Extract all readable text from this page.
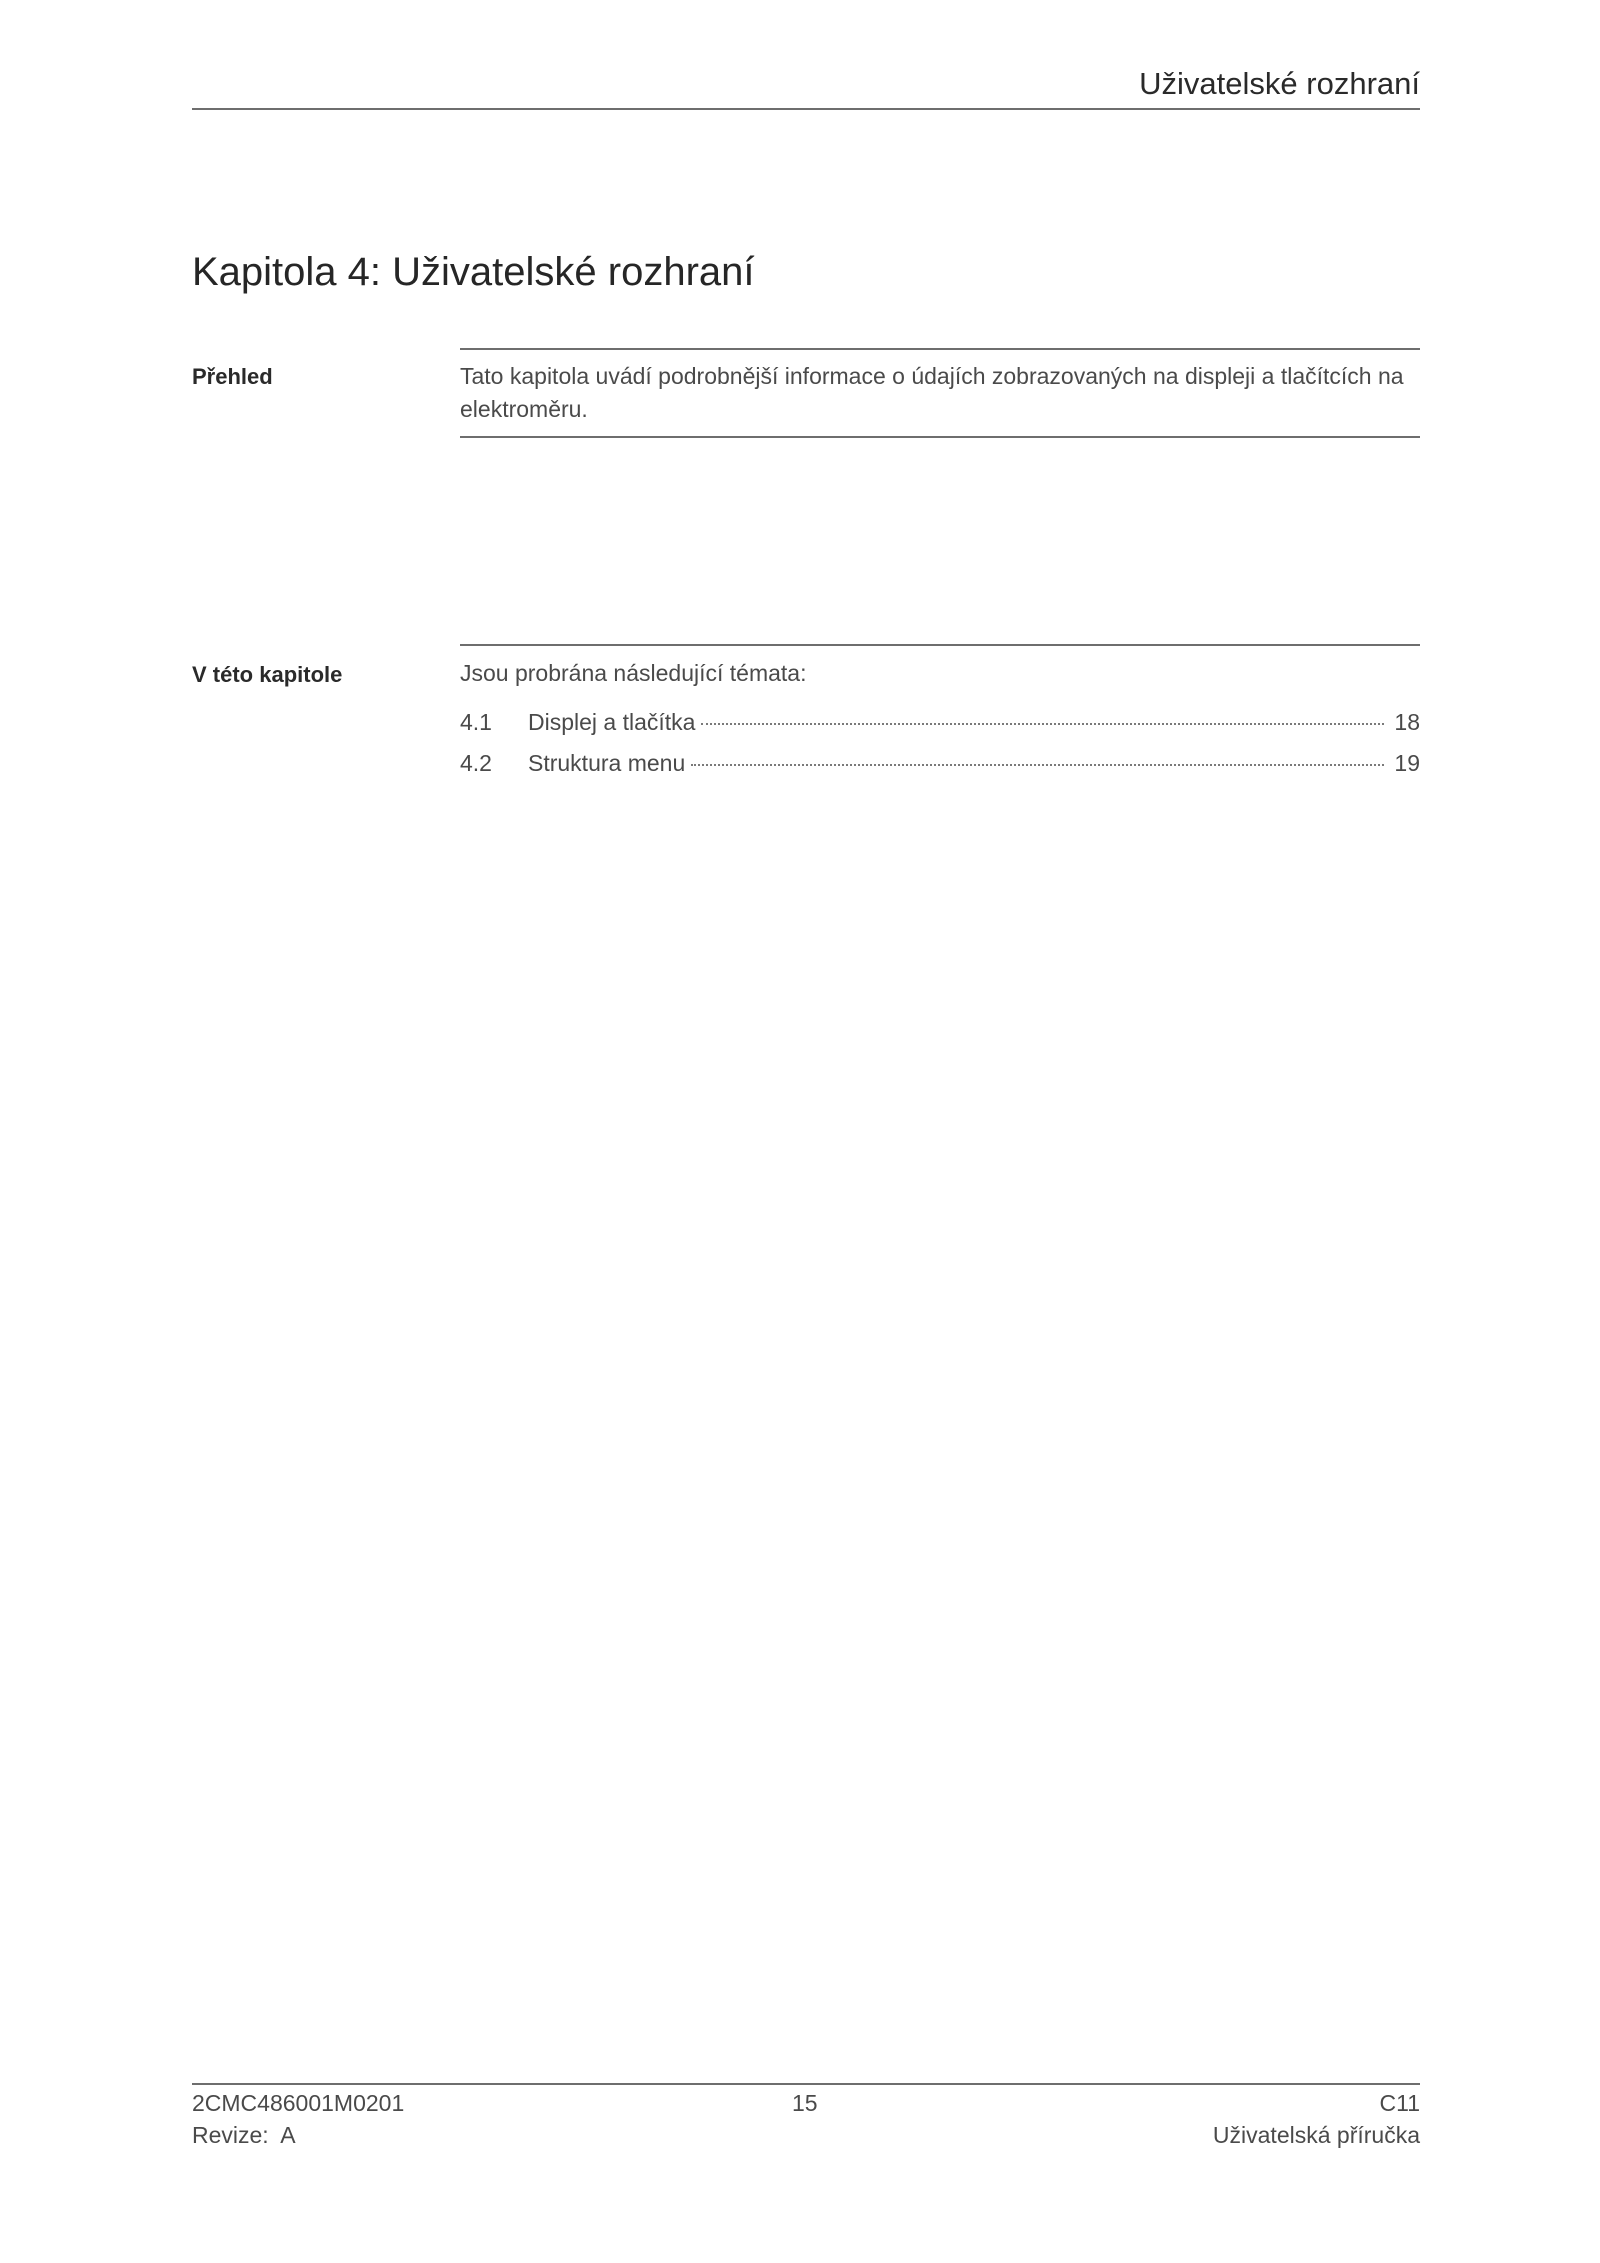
Uživatelské rozhraní
Kapitola 4: Uživatelské rozhraní
Přehled	Tato kapitola uvádí podrobnější informace o údajích zobrazovaných na displeji a tlačítcích na elektroměru.
V této kapitole	Jsou probrána následující témata:
4.1	Displej a tlačítka	18
4.2	Struktura menu	19
2CMC486001M0201
Revize:  A
15	C11
Uživatelská příručka
